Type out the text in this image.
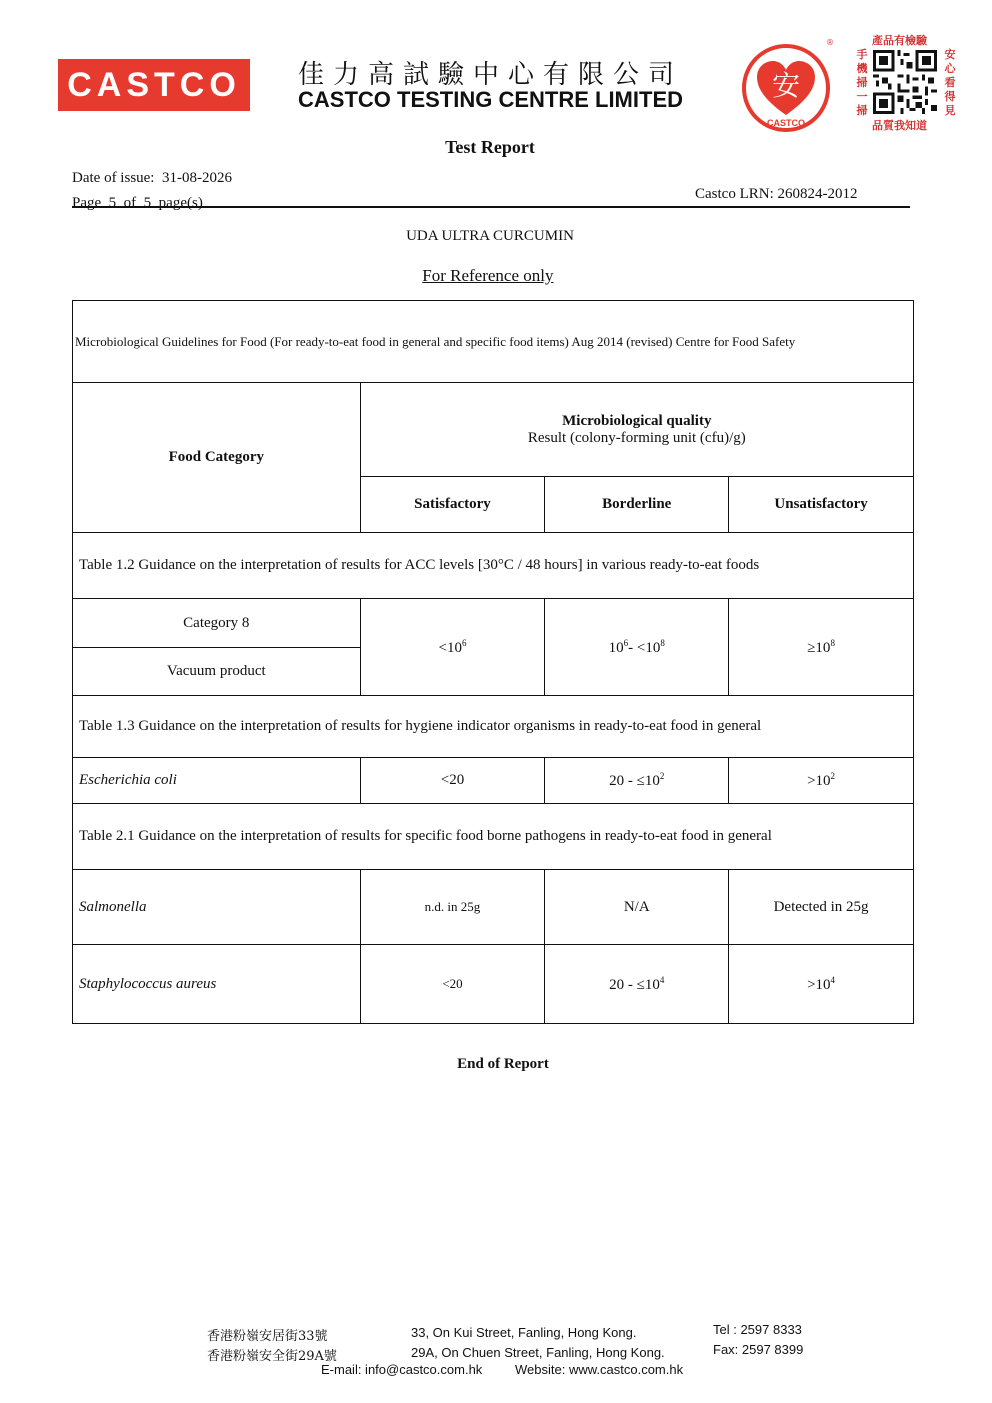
CASTCO	佳力高試驗中心有限公司
CASTCO TESTING CENTRE LIMITED	安
CASTCO
®	產品有檢驗
手機掃一掃
安心看得見
品質我知道
Test Report
Date of issue: 31-08-2026
Page 5 of 5 page(s)
Castco LRN: 260824-2012
UDA ULTRA CURCUMIN
For Reference only
Microbiological Guidelines for Food (For ready-to-eat food in general and specific food items) Aug 2014 (revised) Centre for Food Safety			
Food Category	Microbiological quality
Result (colony-forming unit (cfu)/g)		

	Satisfactory	Borderline	Unsatisfactory
Table 1.2 Guidance on the interpretation of results for ACC levels [30°C / 48 hours] in various ready-to-eat foods			
Category 8	$<10^6$	$10^6- <10^8$	$\ge 10^8$
Vacuum product			
Table 1.3 Guidance on the interpretation of results for hygiene indicator organisms in ready-to-eat food in general			
Escherichia coli	<20	$20 - \le 10^2$	$>10^2$
Table 2.1 Guidance on the interpretation of results for specific food borne pathogens in ready-to-eat food in general			
Salmonella	n.d. in 25g	N/A	Detected in 25g
Staphylococcus aureus	<20	$20 - \le 10^4$	$>10^4$
End of Report
香港粉嶺安居街33號	33, On Kui Street, Fanling, Hong Kong.	Tel : 2597 8333
香港粉嶺安全街29A號	29A, On Chuen Street, Fanling, Hong Kong.	Fax: 2597 8399
E-mail: info@castco.com.hk	Website: www.castco.com.hk
